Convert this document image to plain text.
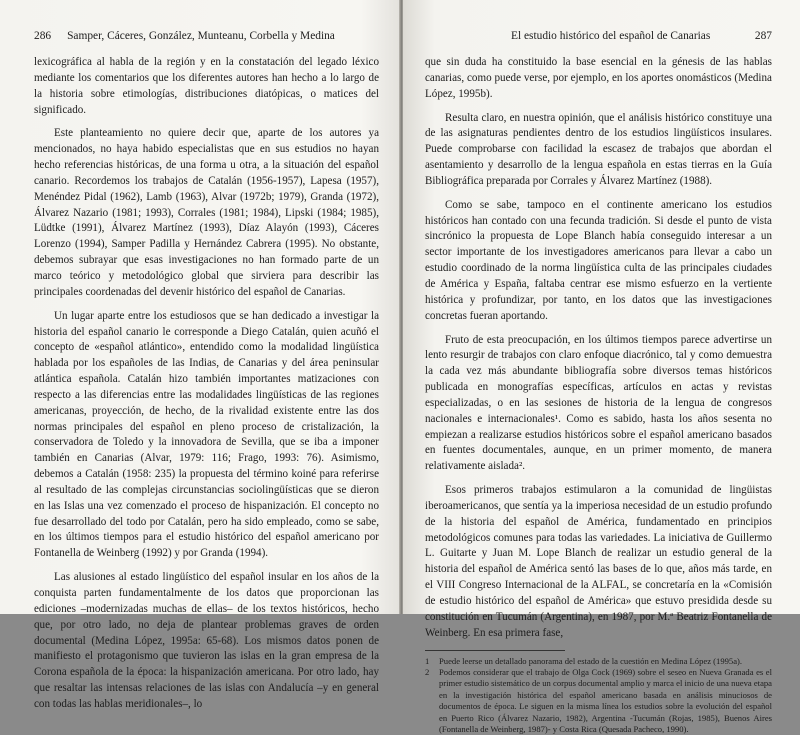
286 Samper, Cáceres, González, Munteanu, Corbella y Medina

lexicográfica al habla de la región y en la constatación del legado léxico mediante los comentarios que los diferentes autores han hecho a lo largo de la historia sobre etimologías, distribuciones diatópicas, o matices del significado.

Este planteamiento no quiere decir que, aparte de los autores ya mencionados, no haya habido especialistas que en sus estudios no hayan hecho referencias históricas, de una forma u otra, a la situación del español canario. Recordemos los trabajos de Catalán (1956-1957), Lapesa (1957), Menéndez Pidal (1962), Lamb (1963), Alvar (1972b; 1979), Granda (1972), Álvarez Nazario (1981; 1993), Corrales (1981; 1984), Lipski (1984; 1985), Lüdtke (1991), Álvarez Martínez (1993), Díaz Alayón (1993), Cáceres Lorenzo (1994), Samper Padilla y Hernández Cabrera (1995). No obstante, debemos subrayar que esas investigaciones no han formado parte de un marco teórico y metodológico global que sirviera para describir las principales coordenadas del devenir histórico del español de Canarias.

Un lugar aparte entre los estudiosos que se han dedicado a investigar la historia del español canario le corresponde a Diego Catalán, quien acuñó el concepto de «español atlántico», entendido como la modalidad lingüística hablada por los españoles de las Indias, de Canarias y del área peninsular atlántica española. Catalán hizo también importantes matizaciones con respecto a las diferencias entre las modalidades lingüísticas de las regiones americanas, proyección, de hecho, de la rivalidad existente entre las dos normas principales del español en pleno proceso de cristalización, la conservadora de Toledo y la innovadora de Sevilla, que se iba a imponer también en Canarias (Alvar, 1979: 116; Frago, 1993: 76). Asimismo, debemos a Catalán (1958: 235) la propuesta del término koiné para referirse al resultado de las complejas circunstancias sociolingüísticas que se dieron en las Islas una vez comenzado el proceso de hispanización. El concepto no fue desarrollado del todo por Catalán, pero ha sido empleado, como se sabe, en los últimos tiempos para el estudio histórico del español americano por Fontanella de Weinberg (1992) y por Granda (1994).

Las alusiones al estado lingüístico del español insular en los años de la conquista parten fundamentalmente de los datos que proporcionan las ediciones –modernizadas muchas de ellas– de los textos históricos, hecho que, por otro lado, no deja de plantear problemas graves de orden documental (Medina López, 1995a: 65-68). Los mismos datos ponen de manifiesto el protagonismo que tuvieron las islas en la gran empresa de la Corona española de la época: la hispanización americana. Por otro lado, hay que resaltar las intensas relaciones de las islas con Andalucía –y en general con todas las hablas meridionales–, lo

El estudio histórico del español de Canarias	287

que sin duda ha constituido la base esencial en la génesis de las hablas canarias, como puede verse, por ejemplo, en los aportes onomásticos (Medina López, 1995b).

Resulta claro, en nuestra opinión, que el análisis histórico constituye una de las asignaturas pendientes dentro de los estudios lingüísticos insulares. Puede comprobarse con facilidad la escasez de trabajos que abordan el asentamiento y desarrollo de la lengua española en estas tierras en la Guía Bibliográfica preparada por Corrales y Álvarez Martínez (1988).

Como se sabe, tampoco en el continente americano los estudios históricos han contado con una fecunda tradición. Si desde el punto de vista sincrónico la propuesta de Lope Blanch había conseguido interesar a un sector importante de los investigadores americanos para llevar a cabo un estudio coordinado de la norma lingüística culta de las principales ciudades de América y España, faltaba centrar ese mismo esfuerzo en la vertiente histórica y profundizar, por tanto, en los datos que las investigaciones concretas fueran aportando.

Fruto de esta preocupación, en los últimos tiempos parece advertirse un lento resurgir de trabajos con claro enfoque diacrónico, tal y como demuestra la cada vez más abundante bibliografía sobre diversos temas históricos publicada en monografías específicas, artículos en actas y revistas especializadas, o en las sesiones de historia de la lengua de congresos nacionales e internacionales¹. Como es sabido, hasta los años sesenta no empiezan a realizarse estudios históricos sobre el español americano basados en fuentes documentales, aunque, en un primer momento, de manera relativamente aislada².

Esos primeros trabajos estimularon a la comunidad de lingüistas iberoamericanos, que sentía ya la imperiosa necesidad de un estudio profundo de la historia del español de América, fundamentado en principios metodológicos comunes para todas las variedades. La iniciativa de Guillermo L. Guitarte y Juan M. Lope Blanch de realizar un estudio general de la historia del español de América sentó las bases de lo que, años más tarde, en el VIII Congreso Internacional de la ALFAL, se concretaría en la «Comisión de estudio histórico del español de América» que estuvo presidida desde su constitución en Tucumán (Argentina), en 1987, por M.ª Beatriz Fontanella de Weinberg. En esa primera fase,

1	Puede leerse un detallado panorama del estado de la cuestión en Medina López (1995a).
2	Podemos considerar que el trabajo de Olga Cock (1969) sobre el seseo en Nueva Granada es el primer estudio sistemático de un corpus documental amplio y marca el inicio de una nueva etapa en la investigación histórica del español americano basada en análisis minuciosos de documentos de época. Le siguen en la misma línea los estudios sobre la evolución del español en Puerto Rico (Álvarez Nazario, 1982), Argentina -Tucumán (Rojas, 1985), Buenos Aires (Fontanella de Weinberg, 1987)- y Costa Rica (Quesada Pacheco, 1990).
